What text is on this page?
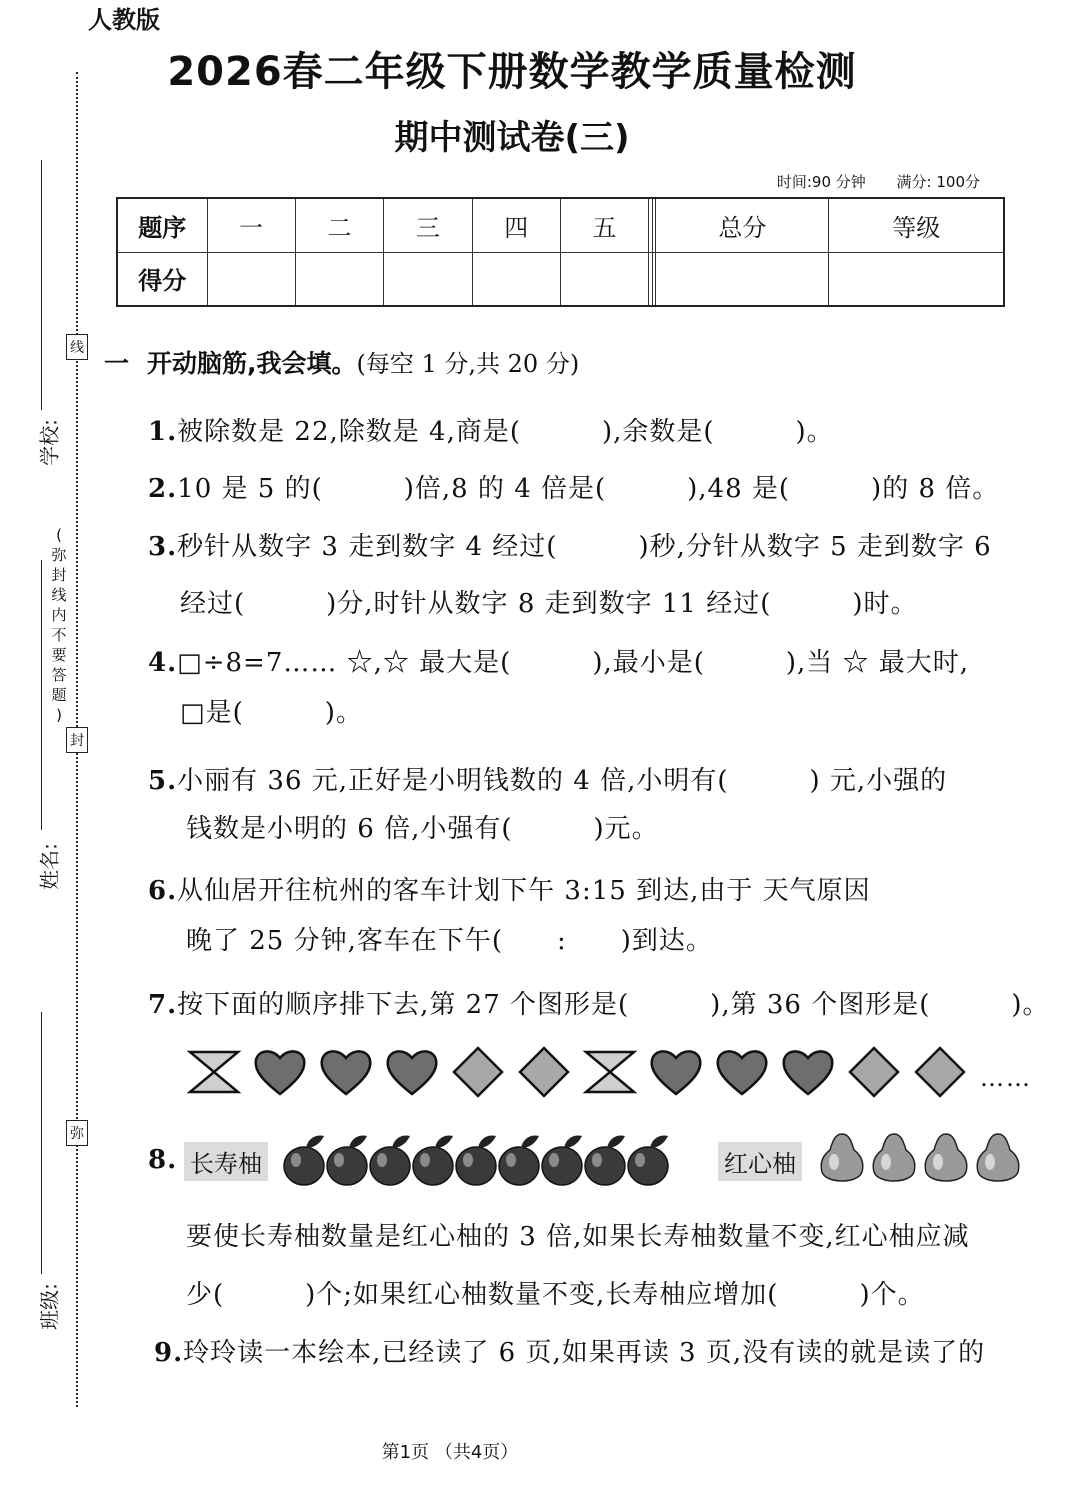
人教版
2026春二年级下册数学教学质量检测
期中测试卷(三)
时间:90 分钟 满分: 100分
线
封
弥
(
弥
封
线
内
不
要
答
题
)
学校:
姓名:
班级:
题序	一	二	三	四	五			总分	等级
得分									
一 开动脑筋,我会填。(每空 1 分,共 20 分)
1.被除数是 22,除数是 4,商是(　　　),余数是(　　　)。
2.10 是 5 的(　　　)倍,8 的 4 倍是(　　　),48 是(　　　)的 8 倍。
3.秒针从数字 3 走到数字 4 经过(　　　)秒,分针从数字 5 走到数字 6
经过(　　　)分,时针从数字 8 走到数字 11 经过(　　　)时。
4.□÷8=7…… ☆,☆ 最大是(　　　),最小是(　　　),当 ☆ 最大时,
□是(　　　)。
5.小丽有 36 元,正好是小明钱数的 4 倍,小明有(　　　) 元,小强的
钱数是小明的 6 倍,小强有(　　　)元。
6.从仙居开往杭州的客车计划下午 3:15 到达,由于 天气原因
晚了 25 分钟,客车在下午(　　:　　)到达。
7.按下面的顺序排下去,第 27 个图形是(　　　),第 36 个图形是(　　　)。
……
8. 长寿柚	红心柚
要使长寿柚数量是红心柚的 3 倍,如果长寿柚数量不变,红心柚应减
少(　　　)个;如果红心柚数量不变,长寿柚应增加(　　　)个。
9.玲玲读一本绘本,已经读了 6 页,如果再读 3 页,没有读的就是读了的
第1页 （共4页）
